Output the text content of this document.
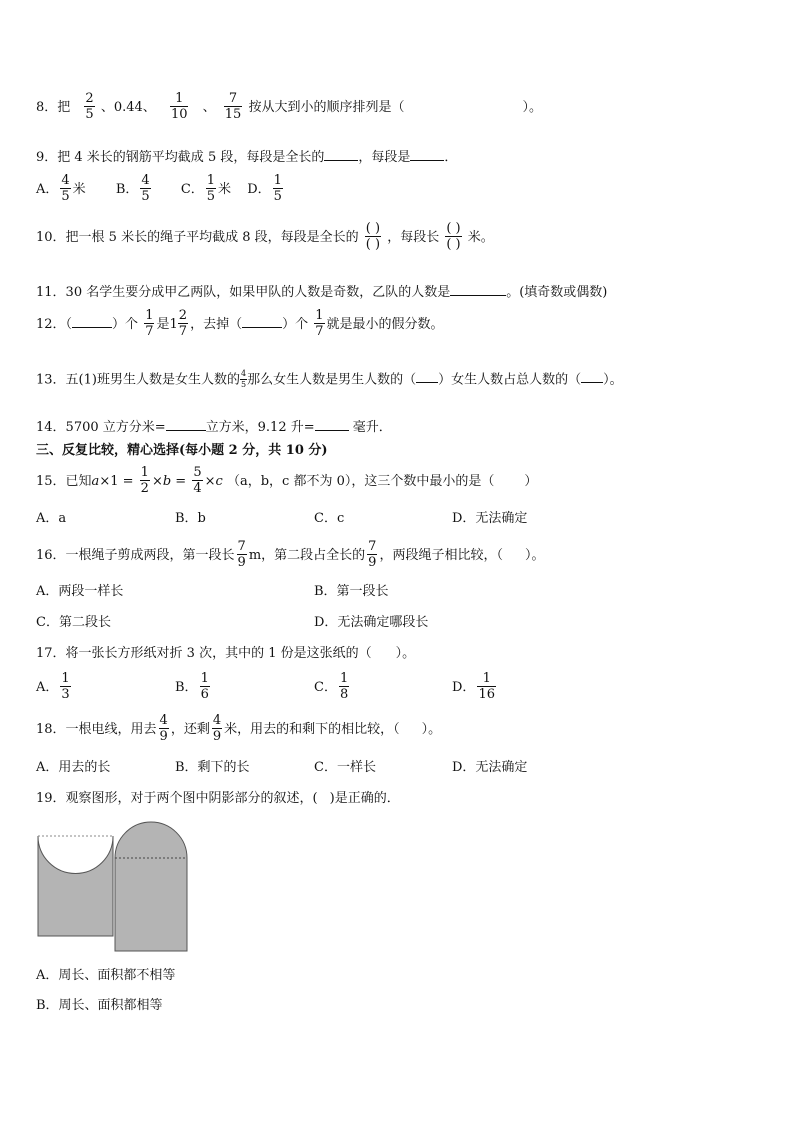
8．把 $\frac{2}{5}$ 、0.44、 $\frac{1}{10}$ 、 $\frac{7}{15}$ 按从大到小的顺序排列是（	）。
9．把 4 米长的钢筋平均截成 5 段，每段是全长的	，每段是	．
A． $\frac{4}{5}$ 米 B． $\frac{4}{5}$ C． $\frac{1}{5}$ 米 D． $\frac{1}{5}$
10．把一根 5 米长的绳子平均截成 8 段，每段是全长的 $\frac{( )}{( )}$ ，每段长 $\frac{( )}{( )}$ 米。
11．30 名学生要分成甲乙两队，如果甲队的人数是奇数，乙队的人数是	。(填奇数或偶数)
12．（	）个 $\frac{1}{7}$ 是$1 \frac{2}{7}$ ，去掉（	）个 $\frac{1}{7}$ 就是最小的假分数。
13．五(1)班男生人数是女生人数的 $\frac{4}{5}$ 那么女生人数是男生人数的（ ）女生人数占总人数的（ ）。
14．5700 立方分米=	立方米，9.12 升=	毫升．
三、反复比较，精心选择(每小题 2 分，共 10 分)
15．已知$a\times 1 = \frac{1}{2} \times b = \frac{5}{4} \times c$ （a，b，c 都不为 0），这三个数中最小的是（ ）
A．a	B．b	C．c	D．无法确定
16．一根绳子剪成两段，第一段长 $\frac{7}{9}$ m，第二段占全长的 $\frac{7}{9}$ ，两段绳子相比较，（ ）。
A．两段一样长	B．第一段长
C．第二段长	D．无法确定哪段长
17．将一张长方形纸对折 3 次，其中的 1 份是这张纸的（ ）。
A． $\frac{1}{3}$	B． $\frac{1}{6}$	C． $\frac{1}{8}$	D． $\frac{1}{16}$
18．一根电线，用去 $\frac{4}{9}$ ，还剩 $\frac{4}{9}$ 米，用去的和剩下的相比较，（ ）。
A．用去的长	B．剩下的长	C．一样长	D．无法确定
19．观察图形，对于两个图中阴影部分的叙述，( )是正确的．
A．周长、面积都不相等
B．周长、面积都相等
